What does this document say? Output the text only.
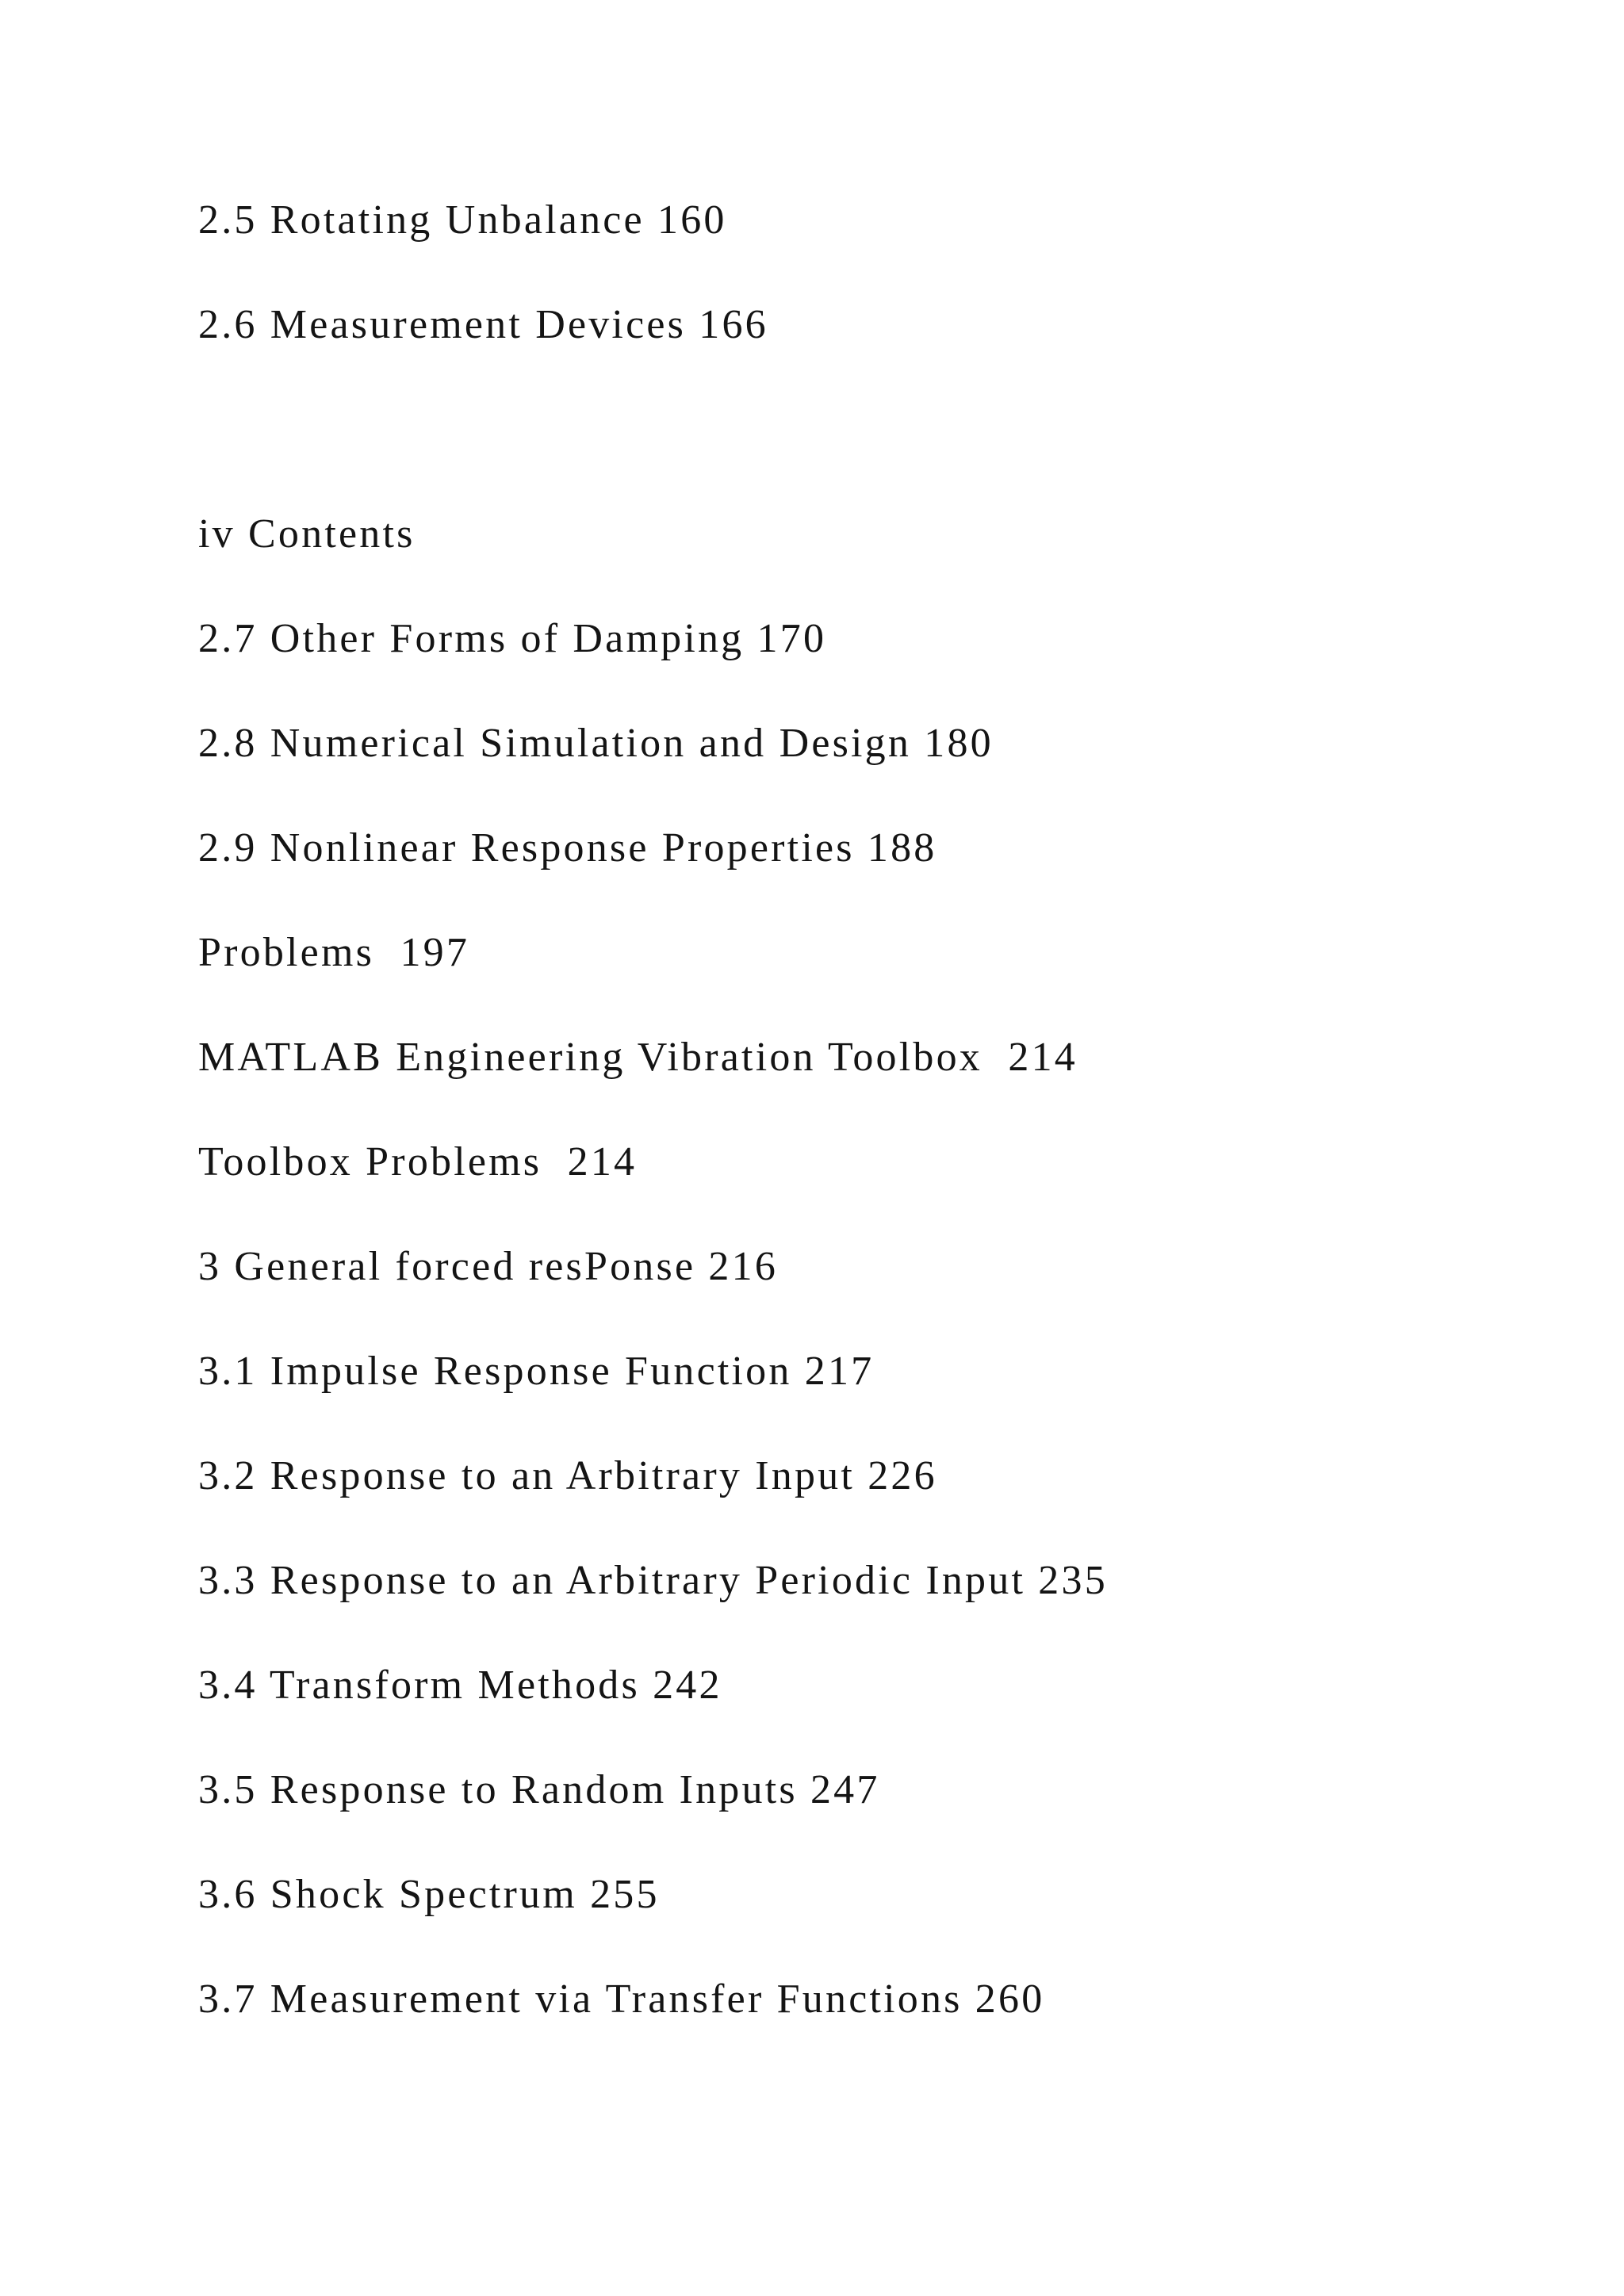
2.5 Rotating Unbalance 160

2.6 Measurement Devices 166

iv Contents

2.7 Other Forms of Damping 170

2.8 Numerical Simulation and Design 180

2.9 Nonlinear Response Properties 188

Problems  197

MATLAB Engineering Vibration Toolbox  214

Toolbox Problems  214

3 General forced resPonse 216

3.1 Impulse Response Function 217

3.2 Response to an Arbitrary Input 226

3.3 Response to an Arbitrary Periodic Input 235

3.4 Transform Methods 242

3.5 Response to Random Inputs 247

3.6 Shock Spectrum 255

3.7 Measurement via Transfer Functions 260
